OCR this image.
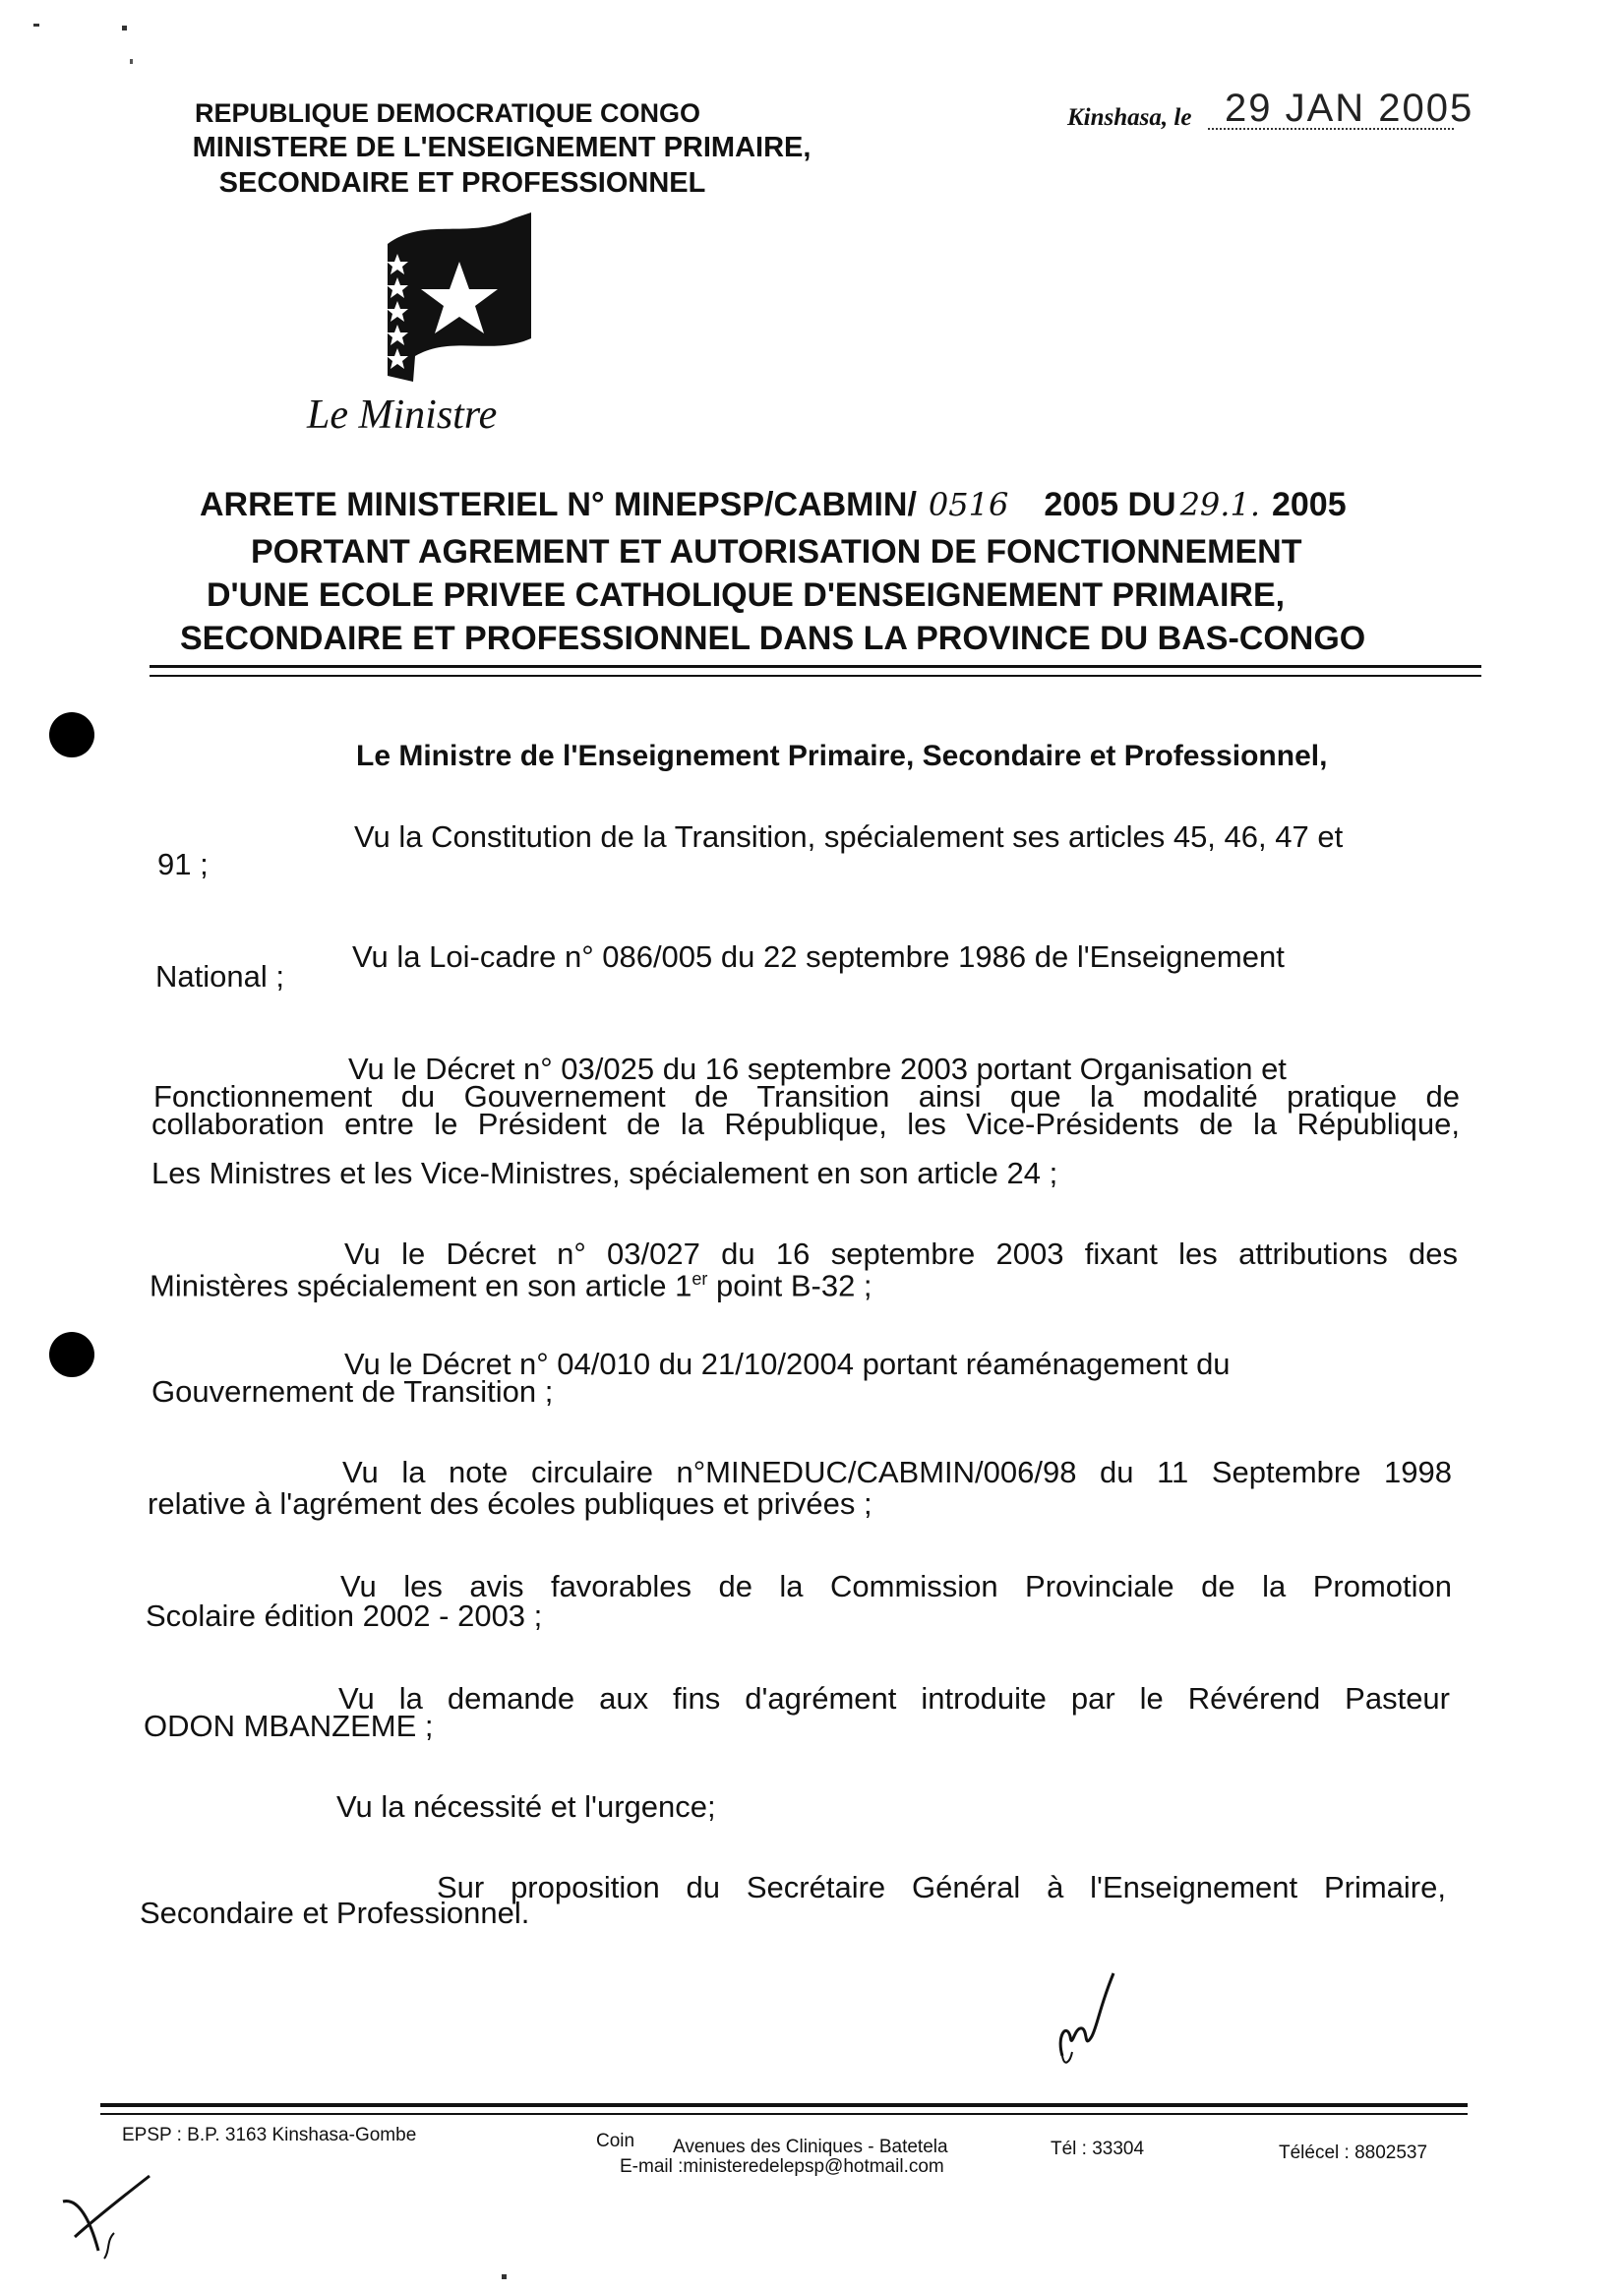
REPUBLIQUE DEMOCRATIQUE CONGO
MINISTERE DE L'ENSEIGNEMENT PRIMAIRE,
SECONDAIRE ET PROFESSIONNEL
Le Ministre
Kinshasa, le 29 JAN 2005
ARRETE MINISTERIEL N° MINEPSP/CABMIN/ 0516 2005 DU 29.1. 2005
PORTANT AGREMENT ET AUTORISATION DE FONCTIONNEMENT
D'UNE ECOLE PRIVEE CATHOLIQUE D'ENSEIGNEMENT PRIMAIRE,
SECONDAIRE ET PROFESSIONNEL DANS LA PROVINCE DU BAS-CONGO
Le Ministre de l'Enseignement Primaire, Secondaire et Professionnel,
Vu la Constitution de la Transition, spécialement ses articles 45, 46, 47 et
91 ;
Vu la Loi-cadre n° 086/005 du 22 septembre 1986 de l'Enseignement
National ;
Vu le Décret n° 03/025 du 16 septembre 2003 portant Organisation et
Fonctionnement du Gouvernement de Transition ainsi que la modalité pratique de
collaboration entre le Président de la République, les Vice-Présidents de la République,
Les Ministres et les Vice-Ministres, spécialement en son article 24 ;
Vu le Décret n° 03/027 du 16 septembre 2003 fixant les attributions des
Ministères spécialement en son article 1er point B-32 ;
Vu le Décret n° 04/010 du 21/10/2004 portant réaménagement du
Gouvernement de Transition ;
Vu la note circulaire n°MINEDUC/CABMIN/006/98 du 11 Septembre 1998
relative à l'agrément des écoles publiques et privées ;
Vu les avis favorables de la Commission Provinciale de la Promotion
Scolaire édition 2002 - 2003 ;
Vu la demande aux fins d'agrément introduite par le Révérend Pasteur
ODON MBANZEME ;
Vu la nécessité et l'urgence;
Sur proposition du Secrétaire Général à l'Enseignement Primaire,
Secondaire et Professionnel.
EPSP : B.P. 3163 Kinshasa-Gombe	Coin Avenues des Cliniques - Batetela
E-mail :ministeredelepsp@hotmail.com
Tél : 33304	Télécel : 8802537
